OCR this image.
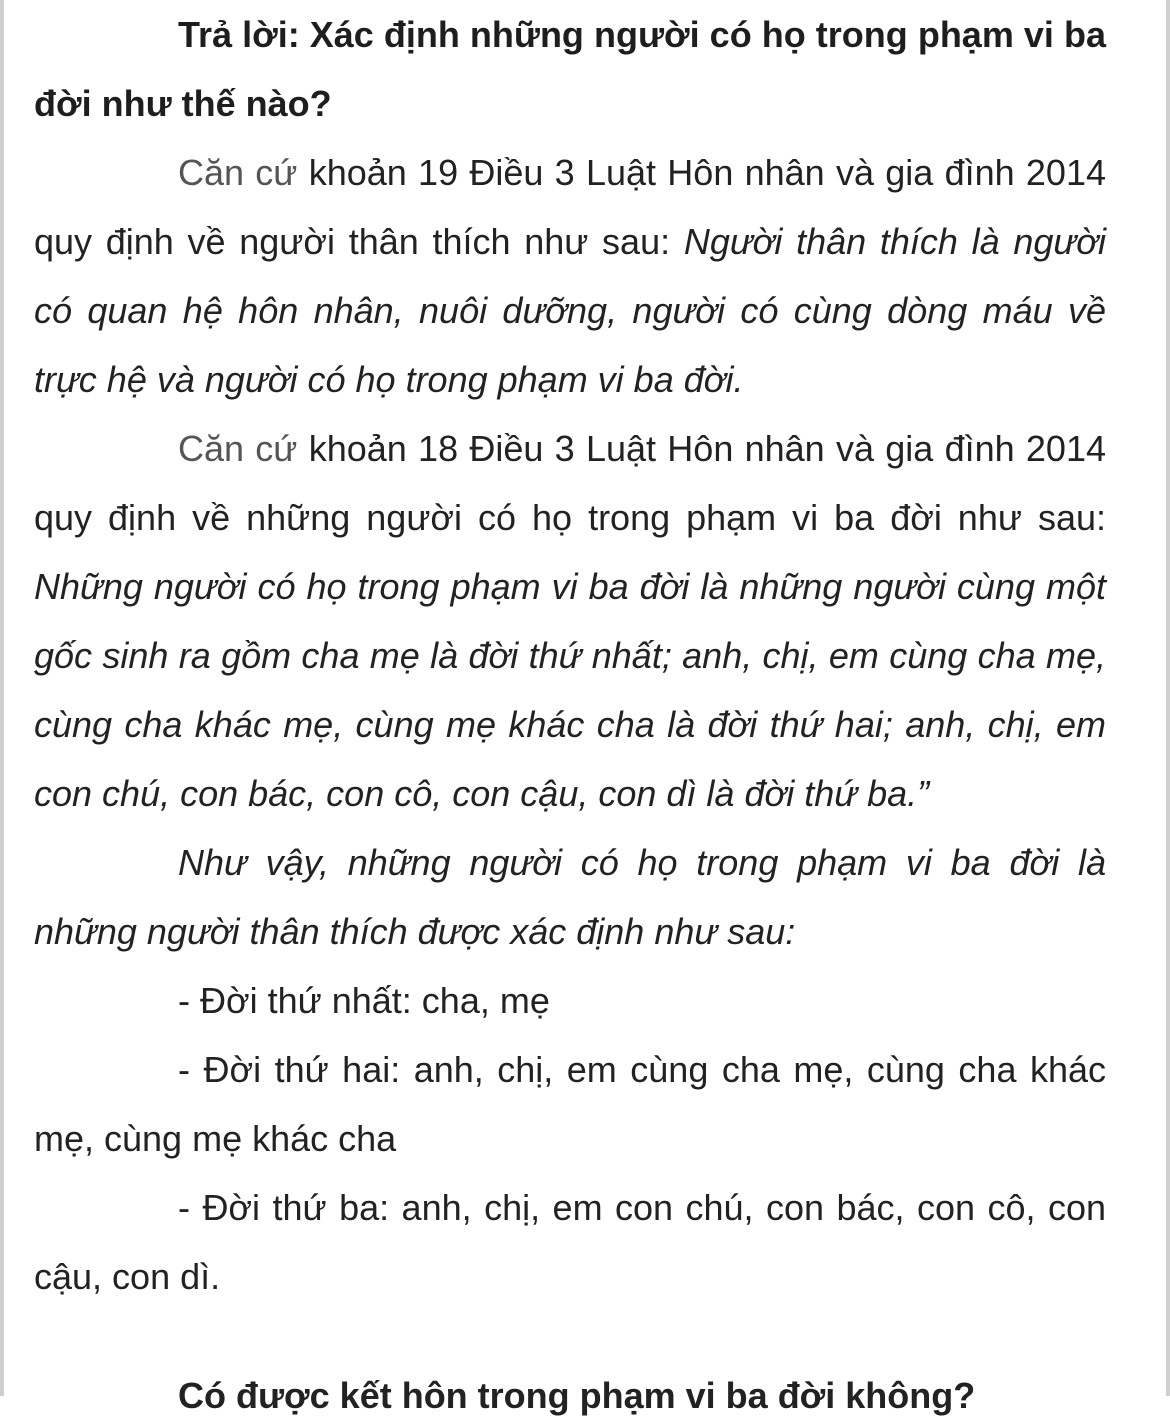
Trả lời: Xác định những người có họ trong phạm vi ba đời như thế nào?

Căn cứ khoản 19 Điều 3 Luật Hôn nhân và gia đình 2014 quy định về người thân thích như sau: Người thân thích là người có quan hệ hôn nhân, nuôi dưỡng, người có cùng dòng máu về trực hệ và người có họ trong phạm vi ba đời.

Căn cứ khoản 18 Điều 3 Luật Hôn nhân và gia đình 2014 quy định về những người có họ trong phạm vi ba đời như sau: Những người có họ trong phạm vi ba đời là những người cùng một gốc sinh ra gồm cha mẹ là đời thứ nhất; anh, chị, em cùng cha mẹ, cùng cha khác mẹ, cùng mẹ khác cha là đời thứ hai; anh, chị, em con chú, con bác, con cô, con cậu, con dì là đời thứ ba.”

Như vậy, những người có họ trong phạm vi ba đời là những người thân thích được xác định như sau:

- Đời thứ nhất: cha, mẹ

- Đời thứ hai: anh, chị, em cùng cha mẹ, cùng cha khác mẹ, cùng mẹ khác cha

- Đời thứ ba: anh, chị, em con chú, con bác, con cô, con cậu, con dì.

Có được kết hôn trong phạm vi ba đời không?
